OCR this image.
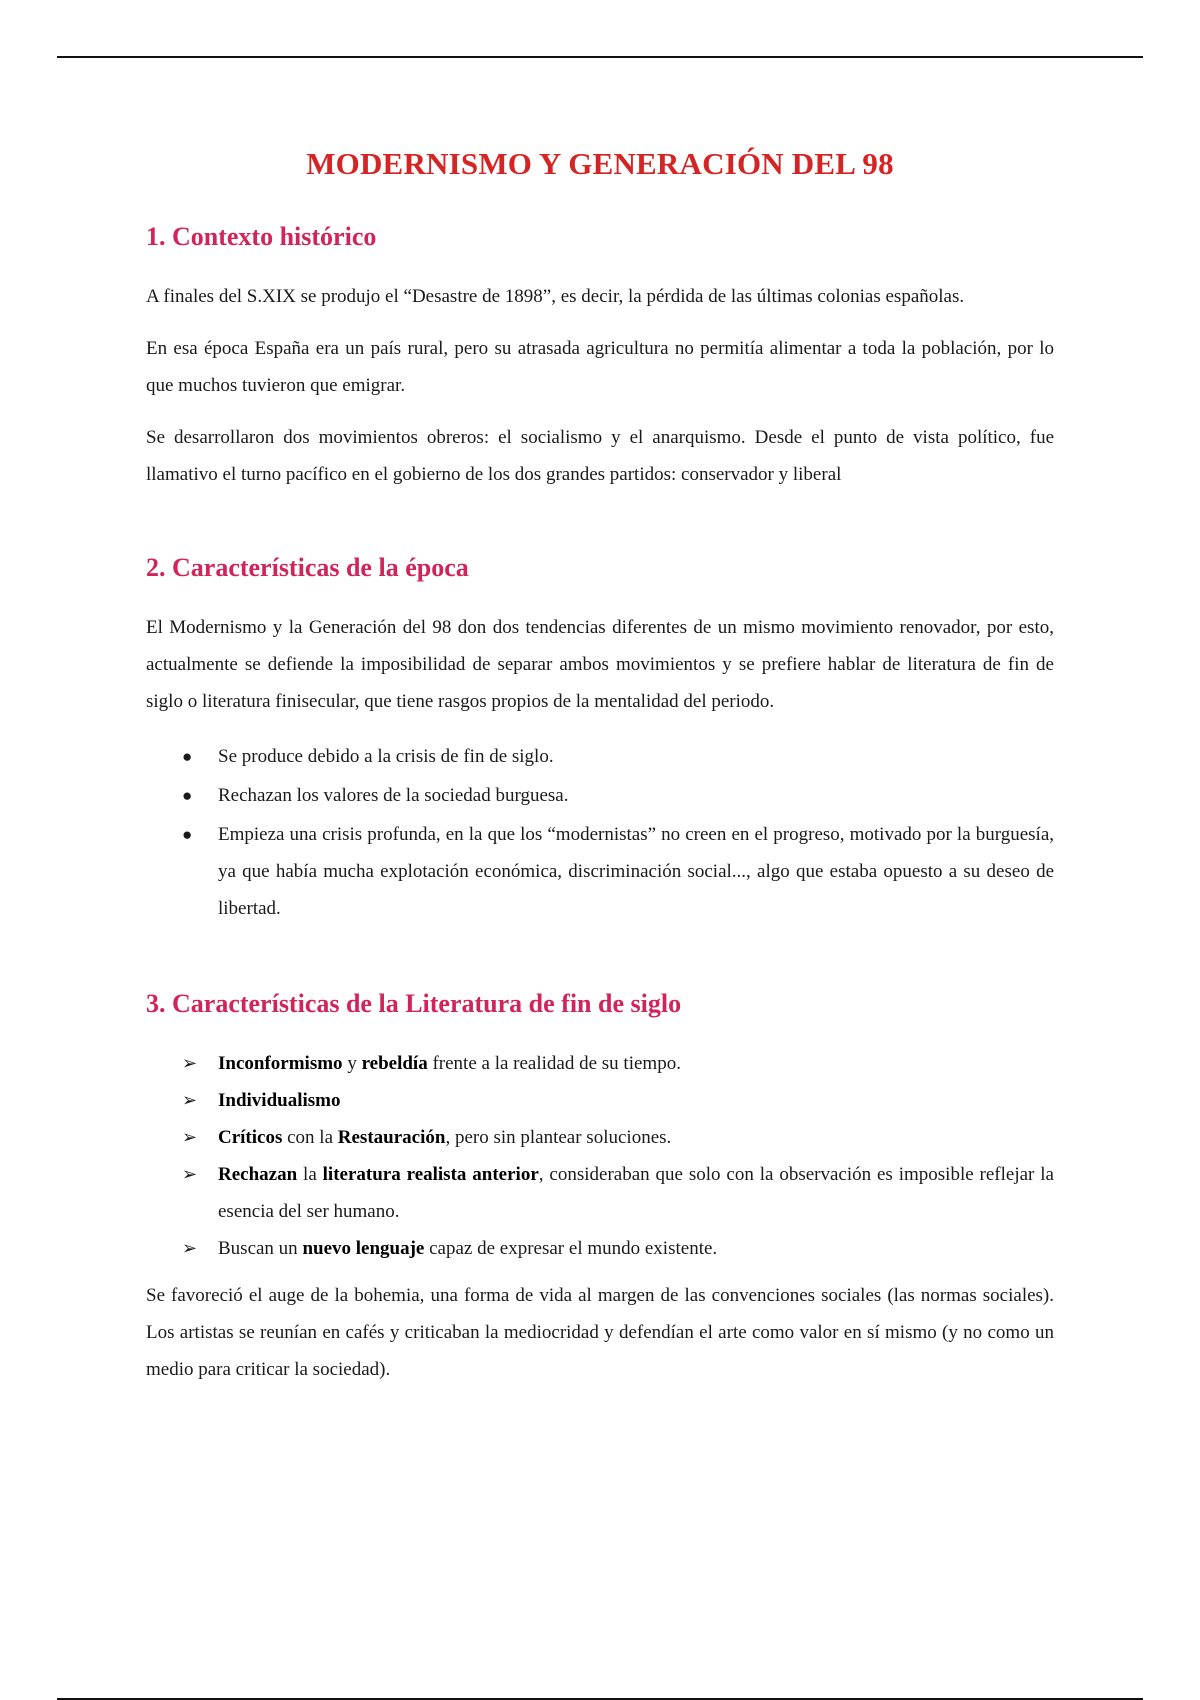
MODERNISMO Y GENERACIÓN DEL 98
1. Contexto histórico

A finales del S.XIX se produjo el “Desastre de 1898”, es decir, la pérdida de las últimas colonias españolas.

En esa época España era un país rural, pero su atrasada agricultura no permitía alimentar a toda la población, por lo que muchos tuvieron que emigrar.

Se desarrollaron dos movimientos obreros: el socialismo y el anarquismo. Desde el punto de vista político, fue llamativo el turno pacífico en el gobierno de los dos grandes partidos: conservador y liberal

2. Características de la época

El Modernismo y la Generación del 98 don dos tendencias diferentes de un mismo movimiento renovador, por esto, actualmente se defiende la imposibilidad de separar ambos movimientos y se prefiere hablar de literatura de fin de siglo o literatura finisecular, que tiene rasgos propios de la mentalidad del periodo.

● Se produce debido a la crisis de fin de siglo.
● Rechazan los valores de la sociedad burguesa.
● Empieza una crisis profunda, en la que los “modernistas” no creen en el progreso, motivado por la burguesía, ya que había mucha explotación económica, discriminación social..., algo que estaba opuesto a su deseo de libertad.
3. Características de la Literatura de fin de siglo
➢ Inconformismo y rebeldía frente a la realidad de su tiempo.
➢ Individualismo
➢ Críticos con la Restauración, pero sin plantear soluciones.
➢ Rechazan la literatura realista anterior, consideraban que solo con la observación es imposible reflejar la esencia del ser humano.
➢ Buscan un nuevo lenguaje capaz de expresar el mundo existente.

Se favoreció el auge de la bohemia, una forma de vida al margen de las convenciones sociales (las normas sociales). Los artistas se reunían en cafés y criticaban la mediocridad y defendían el arte como valor en sí mismo (y no como un medio para criticar la sociedad).
